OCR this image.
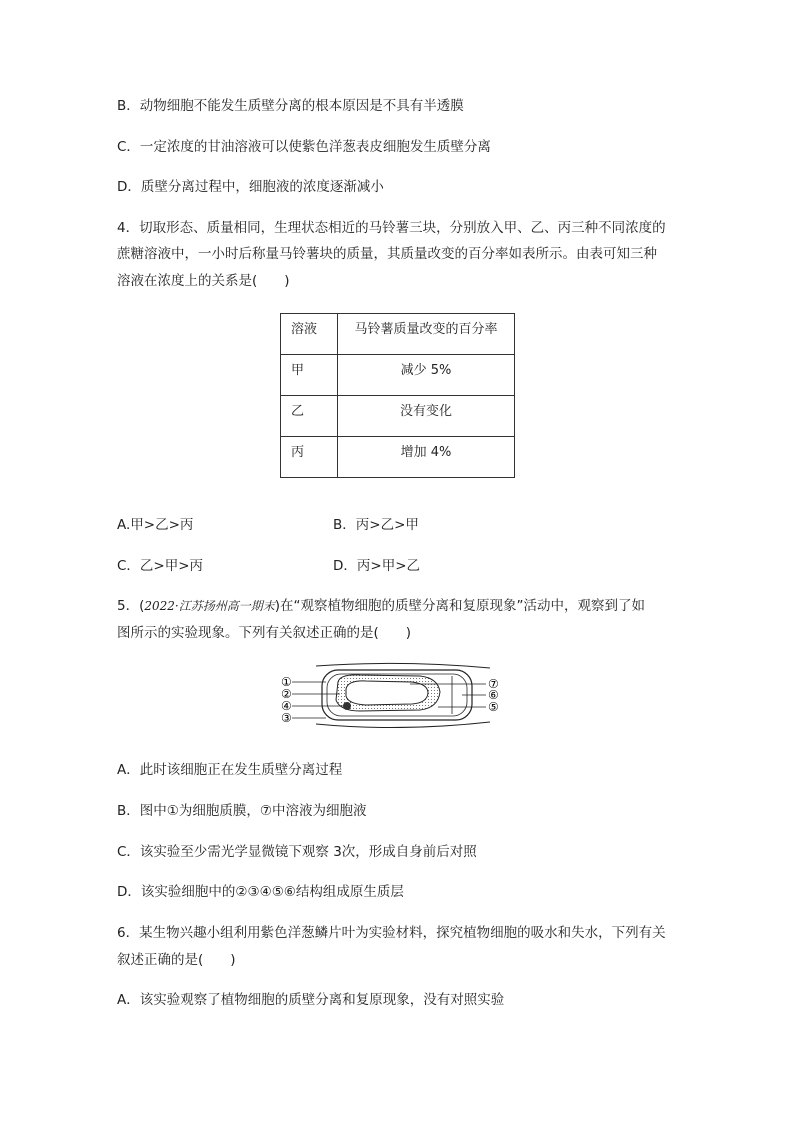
B．动物细胞不能发生质壁分离的根本原因是不具有半透膜
C．一定浓度的甘油溶液可以使紫色洋葱表皮细胞发生质壁分离
D．质壁分离过程中，细胞液的浓度逐渐减小
4．切取形态、质量相同，生理状态相近的马铃薯三块，分别放入甲、乙、丙三种不同浓度的
蔗糖溶液中，一小时后称量马铃薯块的质量，其质量改变的百分率如表所示。由表可知三种
溶液在浓度上的关系是(　　)
溶液	马铃薯质量改变的百分率
甲	减少 5%
乙	没有变化
丙	增加 4%
A.甲>乙>丙	B．丙>乙>甲
C．乙>甲>丙	D．丙>甲>乙
5．(2022·江苏扬州高一期末)在“观察植物细胞的质壁分离和复原现象”活动中，观察到了如
图所示的实验现象。下列有关叙述正确的是(　　)
①
②
④
③
⑦
⑥
⑤
A．此时该细胞正在发生质壁分离过程
B．图中①为细胞质膜，⑦中溶液为细胞液
C．该实验至少需光学显微镜下观察 3次，形成自身前后对照
D．该实验细胞中的②③④⑤⑥结构组成原生质层
6．某生物兴趣小组利用紫色洋葱鳞片叶为实验材料，探究植物细胞的吸水和失水，下列有关
叙述正确的是(　　)
A．该实验观察了植物细胞的质壁分离和复原现象，没有对照实验
